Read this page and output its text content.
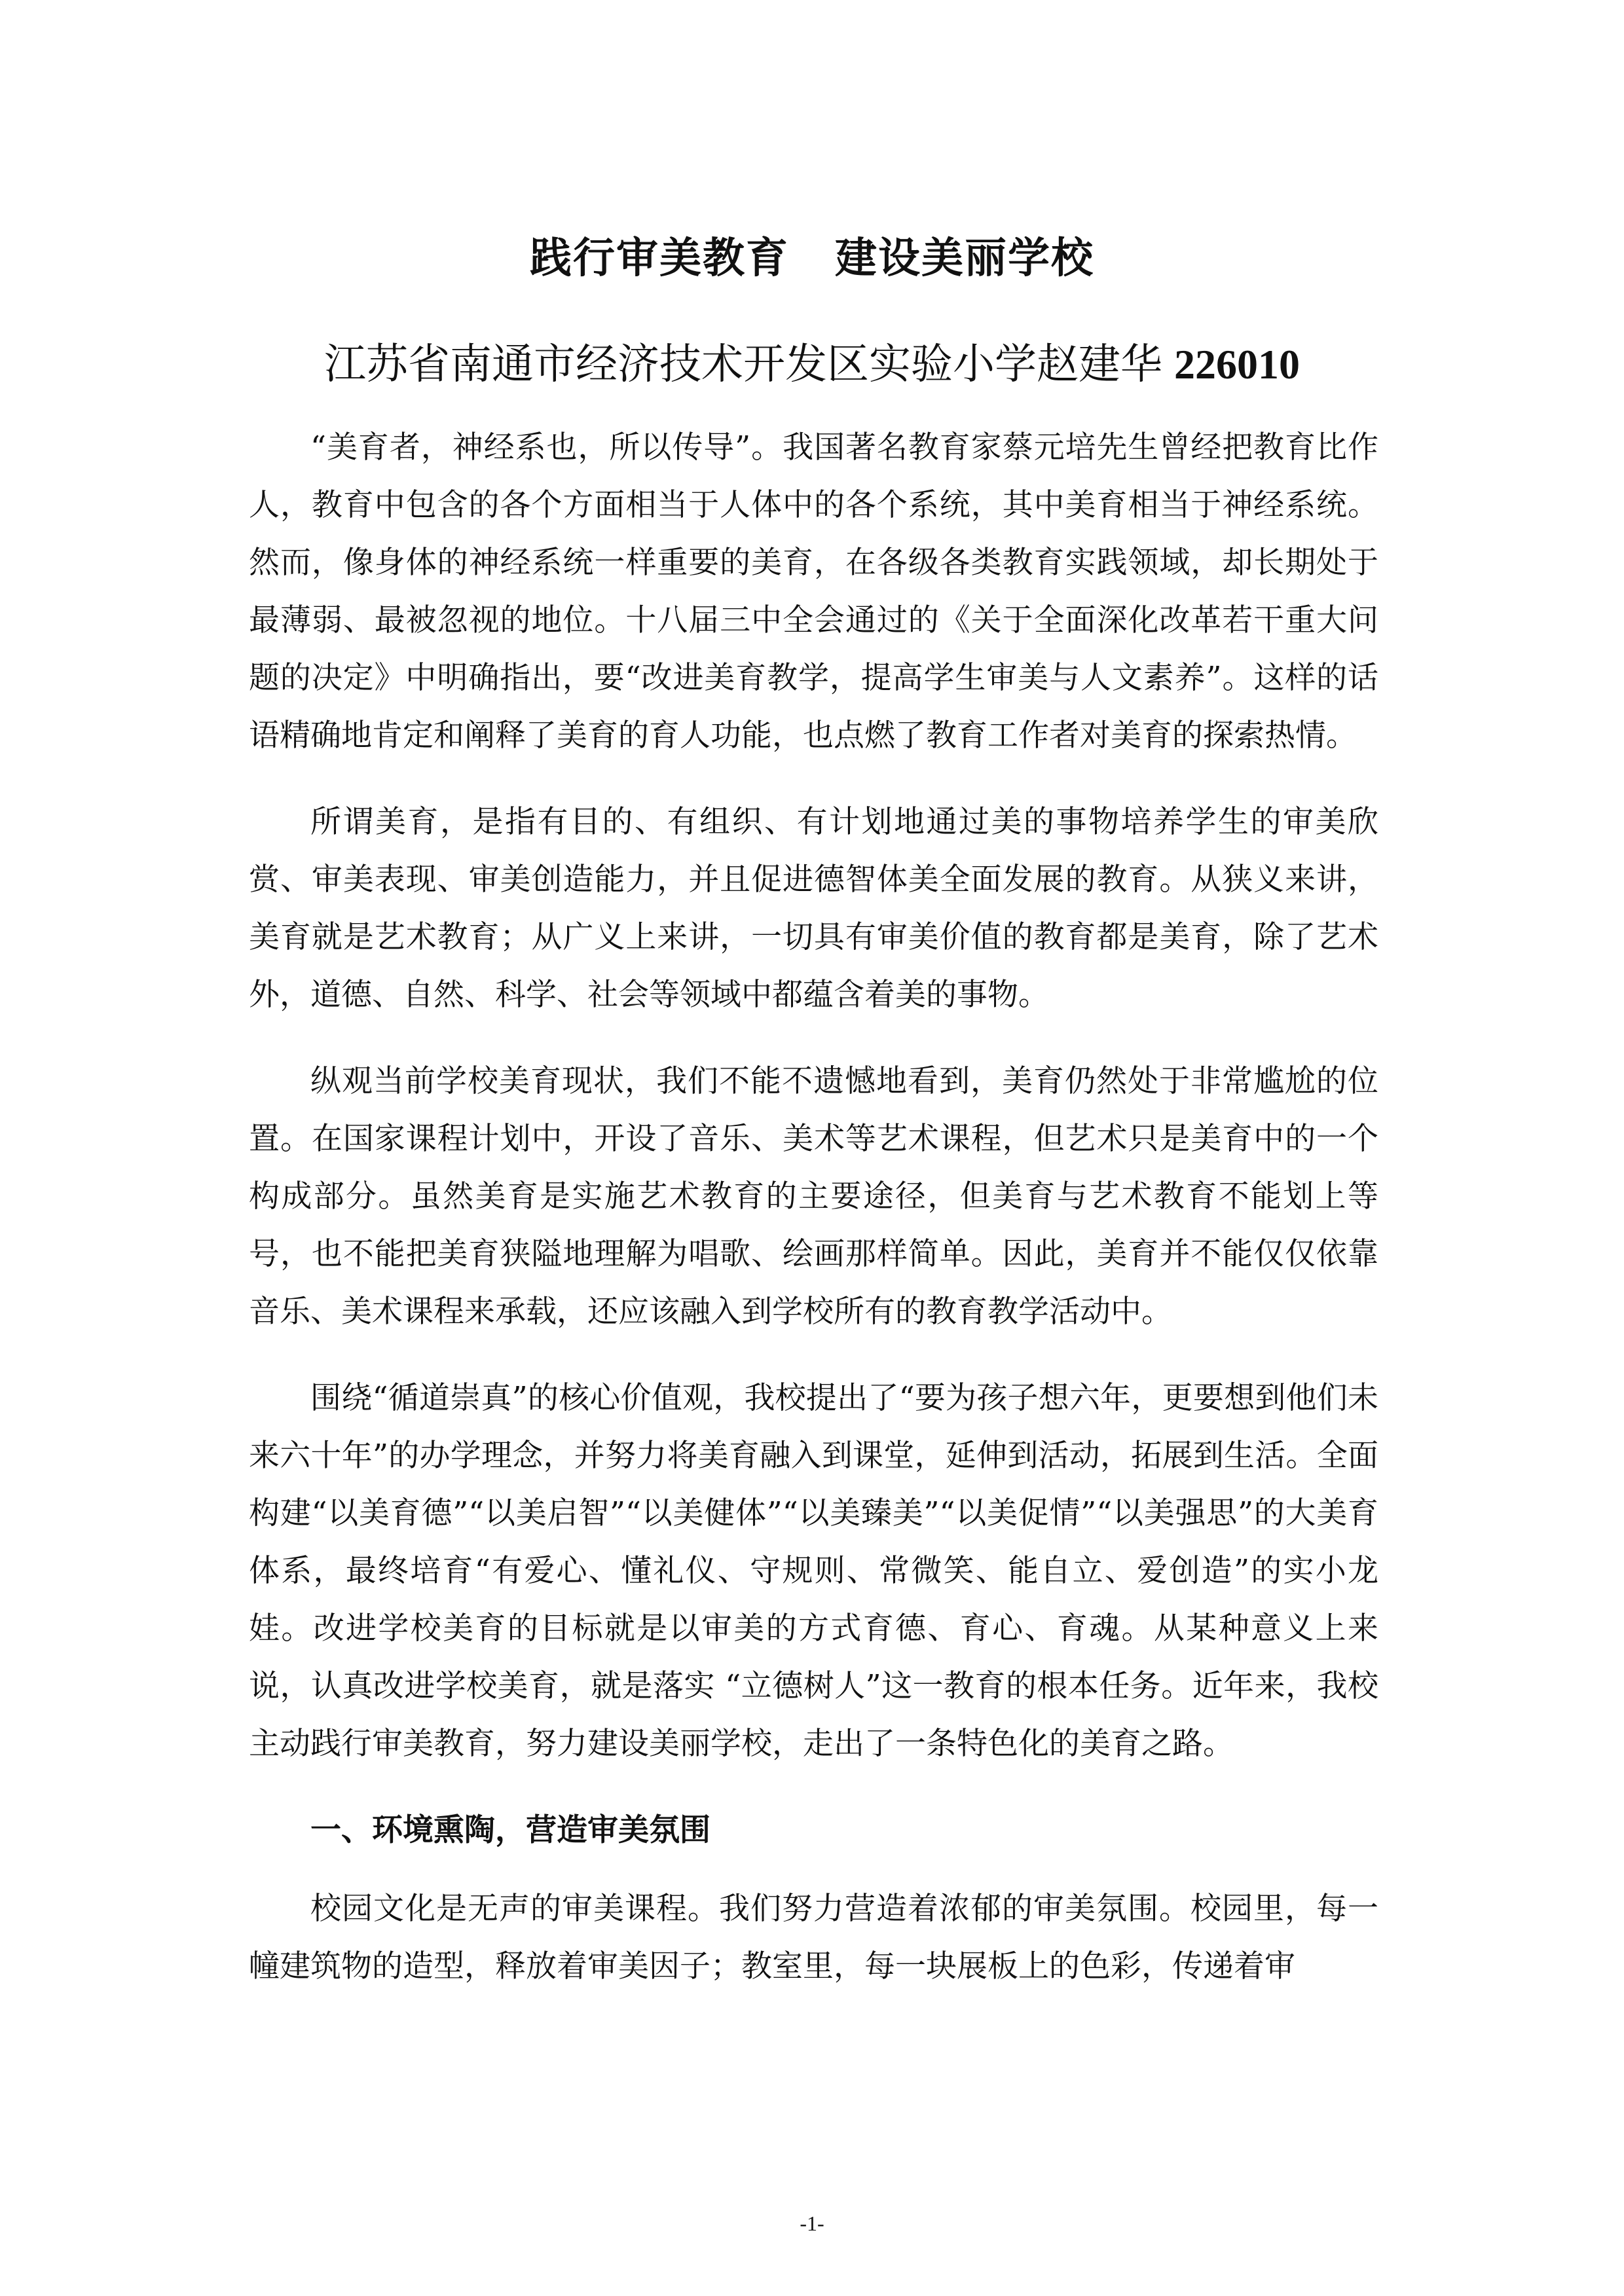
践行审美教育 建设美丽学校

江苏省南通市经济技术开发区实验小学赵建华 226010

“美育者，神经系也，所以传导”。我国著名教育家蔡元培先生曾经把教育比作人，教育中包含的各个方面相当于人体中的各个系统，其中美育相当于神经系统。然而，像身体的神经系统一样重要的美育，在各级各类教育实践领域，却长期处于最薄弱、最被忽视的地位。十八届三中全会通过的《关于全面深化改革若干重大问题的决定》中明确指出，要“改进美育教学，提高学生审美与人文素养”。这样的话语精确地肯定和阐释了美育的育人功能，也点燃了教育工作者对美育的探索热情。

所谓美育，是指有目的、有组织、有计划地通过美的事物培养学生的审美欣赏、审美表现、审美创造能力，并且促进德智体美全面发展的教育。从狭义来讲，美育就是艺术教育；从广义上来讲，一切具有审美价值的教育都是美育，除了艺术外，道德、自然、科学、社会等领域中都蕴含着美的事物。

纵观当前学校美育现状，我们不能不遗憾地看到，美育仍然处于非常尴尬的位置。在国家课程计划中，开设了音乐、美术等艺术课程，但艺术只是美育中的一个构成部分。虽然美育是实施艺术教育的主要途径，但美育与艺术教育不能划上等号，也不能把美育狭隘地理解为唱歌、绘画那样简单。因此，美育并不能仅仅依靠音乐、美术课程来承载，还应该融入到学校所有的教育教学活动中。

围绕“循道崇真”的核心价值观，我校提出了“要为孩子想六年，更要想到他们未来六十年”的办学理念，并努力将美育融入到课堂，延伸到活动，拓展到生活。全面构建“以美育德”“以美启智”“以美健体”“以美臻美”“以美促情”“以美强思”的大美育体系，最终培育“有爱心、懂礼仪、守规则、常微笑、能自立、爱创造”的实小龙娃。改进学校美育的目标就是以审美的方式育德、育心、育魂。从某种意义上来说，认真改进学校美育，就是落实 “立德树人”这一教育的根本任务。近年来，我校主动践行审美教育，努力建设美丽学校，走出了一条特色化的美育之路。

一、环境熏陶，营造审美氛围

校园文化是无声的审美课程。我们努力营造着浓郁的审美氛围。校园里，每一幢建筑物的造型，释放着审美因子；教室里，每一块展板上的色彩，传递着审

-1-
